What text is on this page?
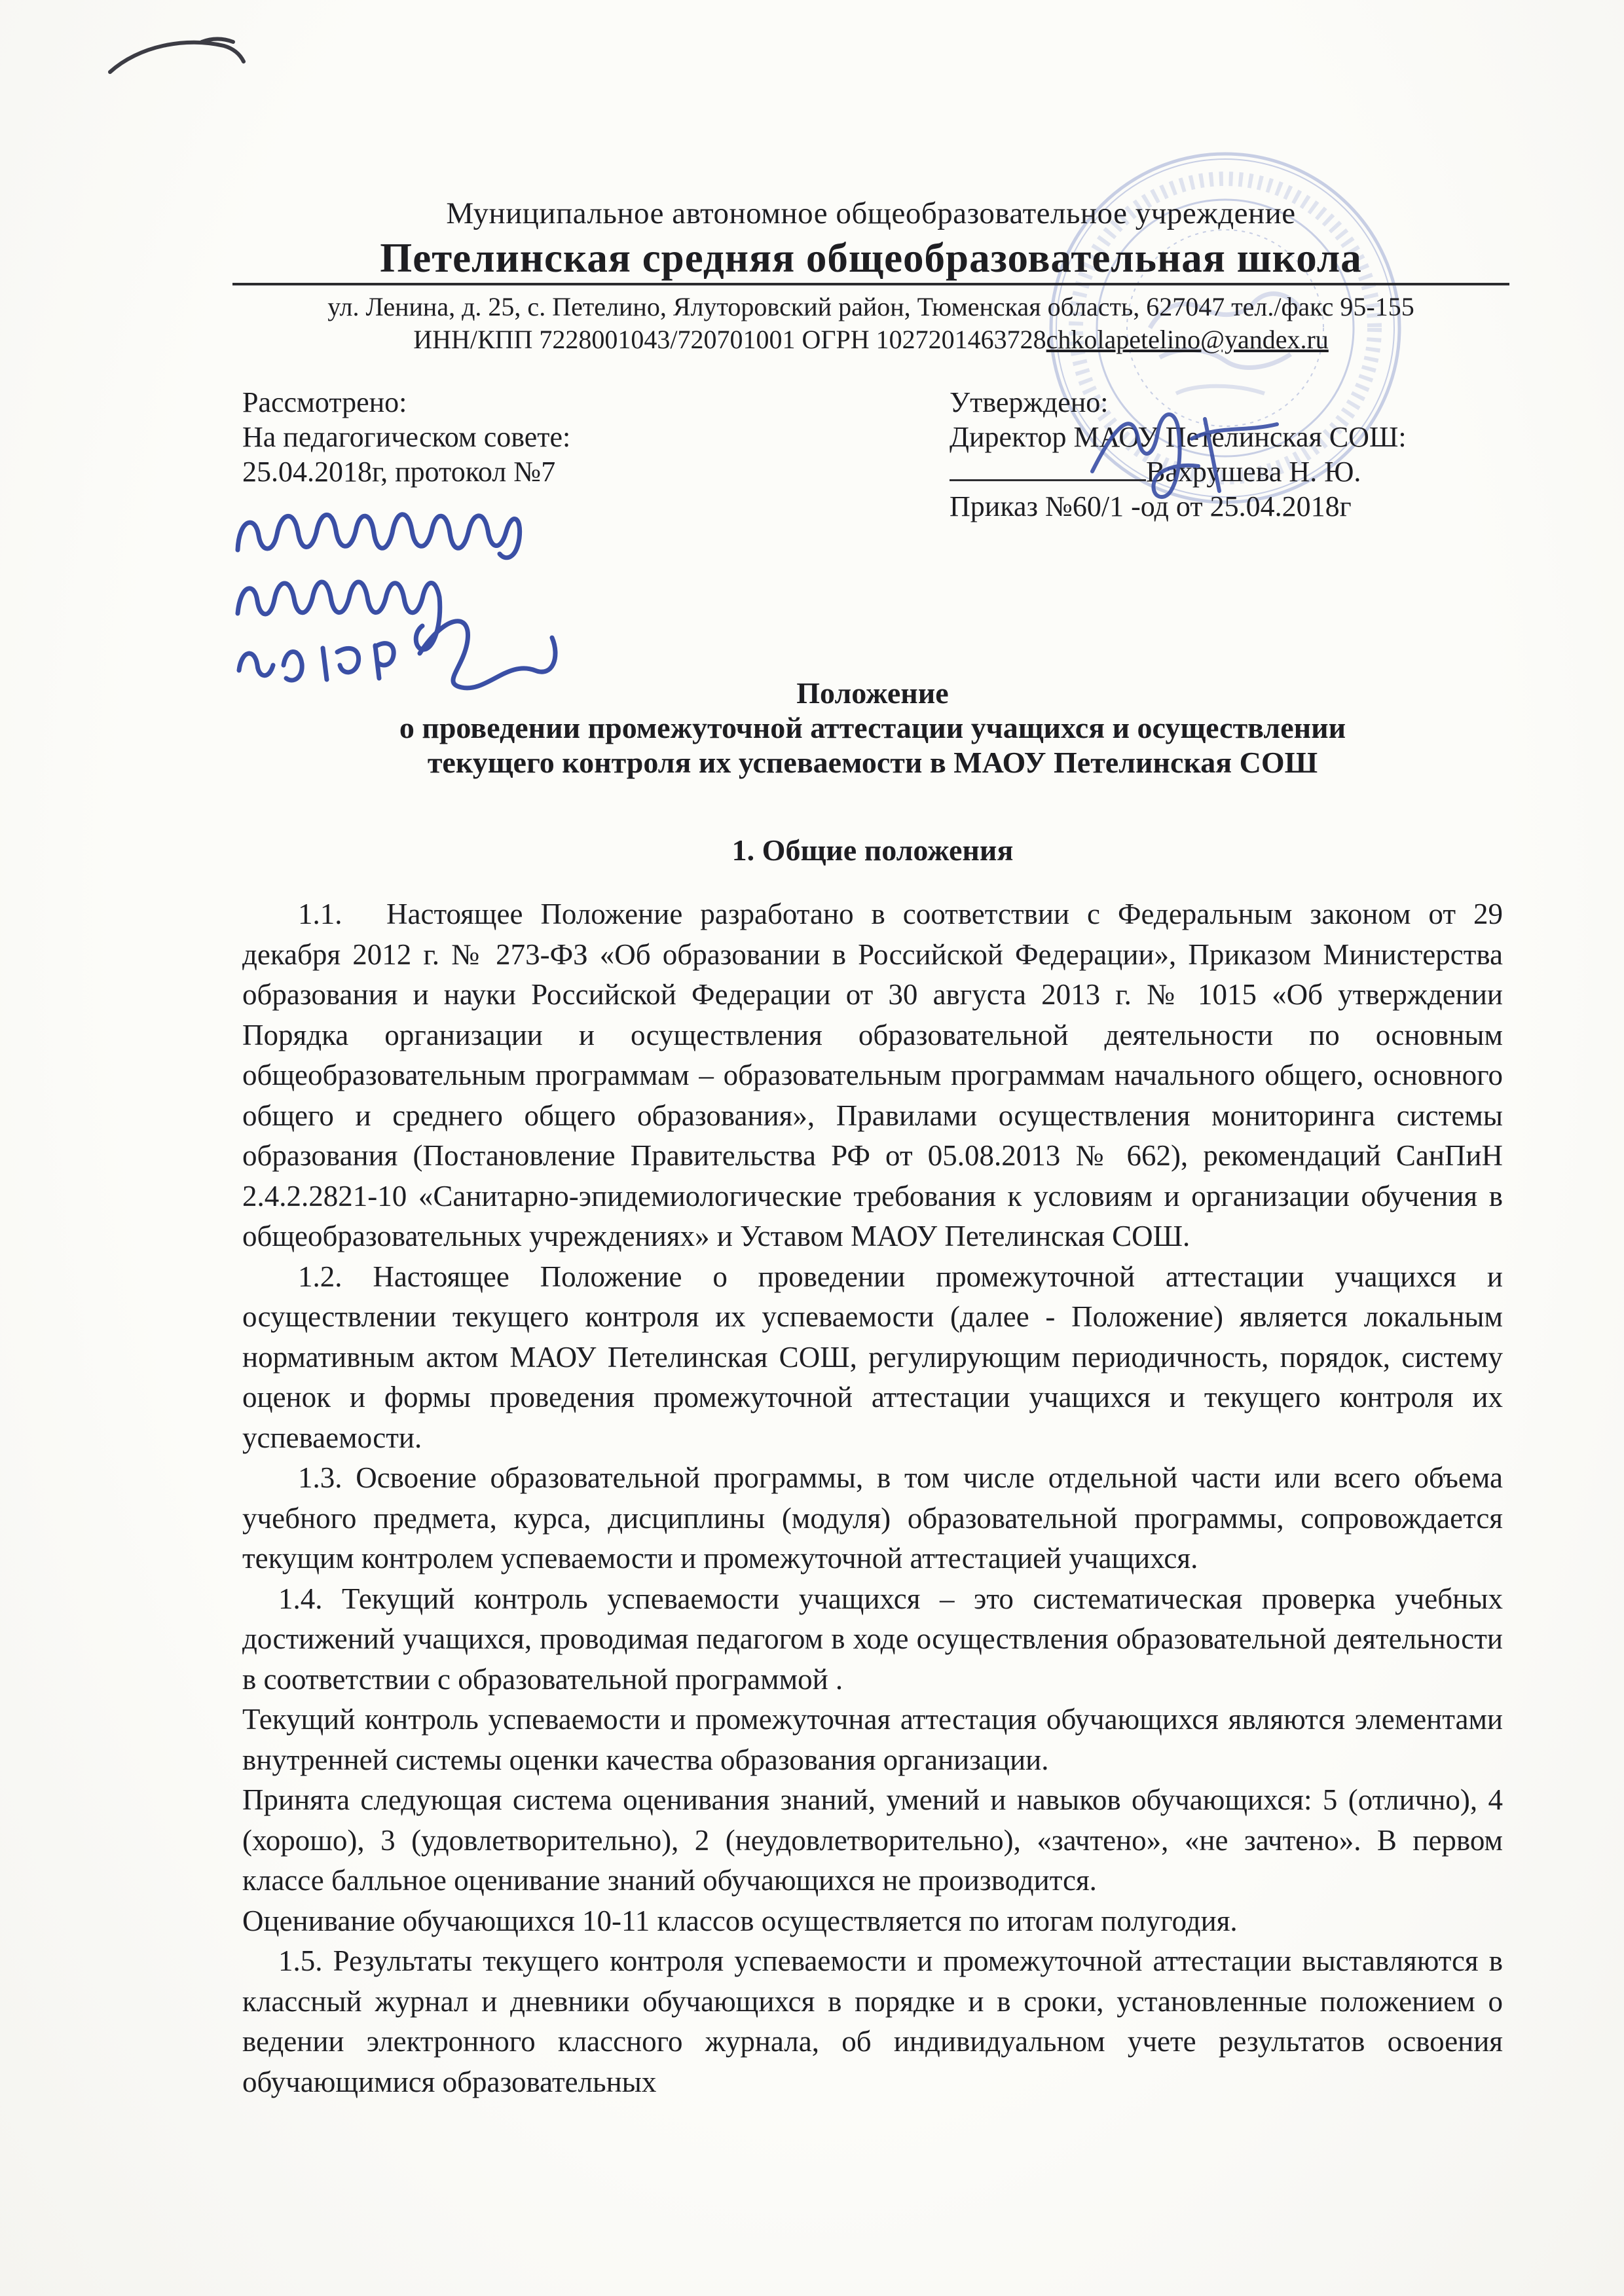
Муниципальное автономное общеобразовательное учреждение
Петелинская средняя общеобразовательная школа
ул. Ленина, д. 25, с. Петелино, Ялуторовский район, Тюменская область, 627047 тел./факс 95-155
ИНН/КПП 7228001043/720701001 ОГРН 1027201463728chkolapetelino@yandex.ru
Рассмотрено:
На педагогическом совете:
25.04.2018г, протокол №7
Утверждено:
Директор МАОУ Петелинская СОШ:
Вахрушева Н. Ю.
Приказ №60/1 -од от 25.04.2018г
Положение
о проведении промежуточной аттестации учащихся и осуществлении
текущего контроля их успеваемости в МАОУ Петелинская СОШ
1. Общие положения

1.1.  Настоящее Положение разработано в соответствии с Федеральным законом от 29 декабря 2012 г. № 273-ФЗ «Об образовании в Российской Федерации», Приказом Министерства образования и науки Российской Федерации от 30 августа 2013 г. № 1015 «Об утверждении Порядка организации и осуществления образовательной деятельности по основным общеобразовательным программам – образовательным программам начального общего, основного общего и среднего общего образования», Правилами осуществления мониторинга системы образования (Постановление Правительства РФ от 05.08.2013 № 662), рекомендаций СанПиН 2.4.2.2821-10 «Санитарно-эпидемиологические требования к условиям и организации обучения в общеобразовательных учреждениях» и Уставом МАОУ Петелинская СОШ.

1.2. Настоящее Положение о проведении промежуточной аттестации учащихся и осуществлении текущего контроля их успеваемости (далее - Положение) является локальным нормативным актом МАОУ Петелинская СОШ, регулирующим периодичность, порядок, систему оценок и формы проведения промежуточной аттестации учащихся и текущего контроля их успеваемости.

1.3. Освоение образовательной программы, в том числе отдельной части или всего объема учебного предмета, курса, дисциплины (модуля) образовательной программы, сопровождается текущим контролем успеваемости и промежуточной аттестацией учащихся.

1.4. Текущий контроль успеваемости учащихся – это систематическая проверка учебных достижений учащихся, проводимая педагогом в ходе осуществления образовательной деятельности в соответствии с образовательной программой .

Текущий контроль успеваемости и промежуточная аттестация обучающихся являются элементами внутренней системы оценки качества образования организации.

Принята следующая система оценивания знаний, умений и навыков обучающихся: 5 (отлично), 4 (хорошо), 3 (удовлетворительно), 2 (неудовлетворительно), «зачтено», «не зачтено». В первом классе балльное оценивание знаний обучающихся не производится.

Оценивание обучающихся 10-11 классов осуществляется по итогам полугодия.

1.5. Результаты текущего контроля успеваемости и промежуточной аттестации выставляются в классный журнал и дневники обучающихся в порядке и в сроки, установленные положением о ведении электронного классного журнала, об индивидуальном учете результатов освоения обучающимися образовательных
